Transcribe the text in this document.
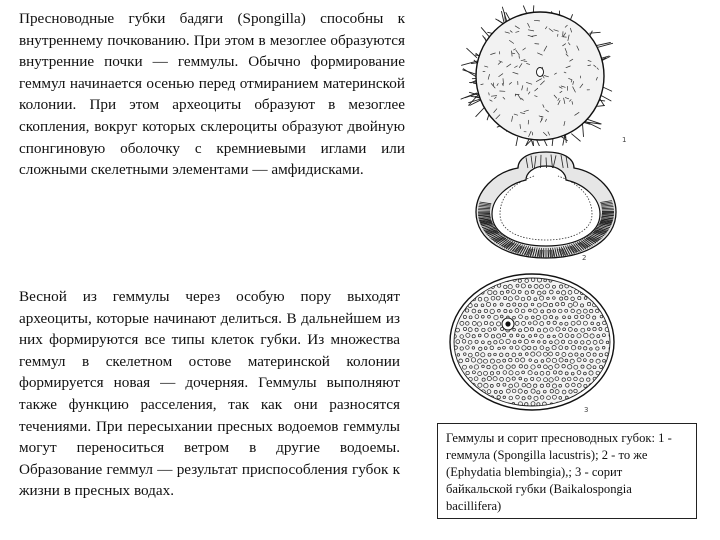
Пресноводные губки бадяги (Spongilla) способны к внутреннему почкованию. При этом в мезоглее образуются внутренние почки — геммулы. Обычно формирование геммул начинается осенью перед отмиранием материнской колонии. При этом археоциты образуют в мезоглее скопления, вокруг которых склероциты образуют двойную спонгиновую оболочку с кремниевыми иглами или сложными скелетными элементами — амфидисками.

Весной из геммулы через особую пору выходят археоциты, которые начинают делиться. В дальнейшем из них формируются все типы клеток губки. Из множества геммул в скелетном остове материнской колонии формируется новая — дочерняя. Геммулы выполняют также функцию расселения, так как они разносятся течениями. При пересыхании пресных водоемов геммулы могут переноситься ветром в другие водоемы. Образование геммул — результат приспособления губок к жизни в пресных водах.

1
2
3
Геммулы и сорит пресноводных губок: 1 - геммула (Spongilla lacustris); 2 - то же (Ephydatia blembingia),; 3 - сорит байкальской губки (Baikalospongia bacillifera)
